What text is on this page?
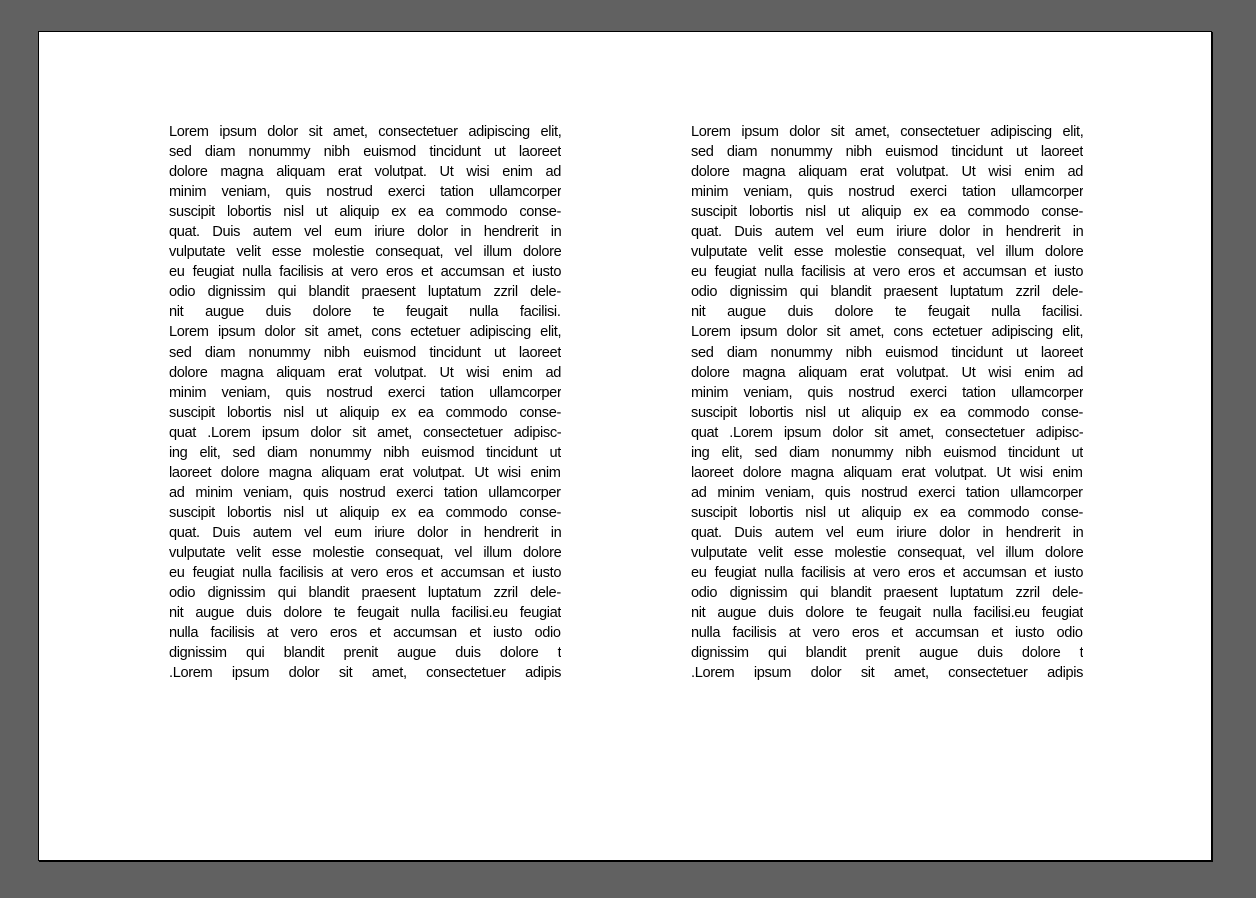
Lorem ipsum dolor sit amet, consectetuer adipiscing elit,
sed diam nonummy nibh euismod tincidunt ut laoreet
dolore magna aliquam erat volutpat. Ut wisi enim ad
minim veniam, quis nostrud exerci tation ullamcorper
suscipit lobortis nisl ut aliquip ex ea commodo conse-
quat. Duis autem vel eum iriure dolor in hendrerit in
vulputate velit esse molestie consequat, vel illum dolore
eu feugiat nulla facilisis at vero eros et accumsan et iusto
odio dignissim qui blandit praesent luptatum zzril dele-
nit augue duis dolore te feugait nulla facilisi.
Lorem ipsum dolor sit amet, cons ectetuer adipiscing elit,
sed diam nonummy nibh euismod tincidunt ut laoreet
dolore magna aliquam erat volutpat. Ut wisi enim ad
minim veniam, quis nostrud exerci tation ullamcorper
suscipit lobortis nisl ut aliquip ex ea commodo conse-
quat .Lorem ipsum dolor sit amet, consectetuer adipisc-
ing elit, sed diam nonummy nibh euismod tincidunt ut
laoreet dolore magna aliquam erat volutpat. Ut wisi enim
ad minim veniam, quis nostrud exerci tation ullamcorper
suscipit lobortis nisl ut aliquip ex ea commodo conse-
quat. Duis autem vel eum iriure dolor in hendrerit in
vulputate velit esse molestie consequat, vel illum dolore
eu feugiat nulla facilisis at vero eros et accumsan et iusto
odio dignissim qui blandit praesent luptatum zzril dele-
nit augue duis dolore te feugait nulla facilisi.eu feugiat
nulla facilisis at vero eros et accumsan et iusto odio
dignissim qui blandit prenit augue duis dolore t
.Lorem ipsum dolor sit amet, consectetuer adipis
Lorem ipsum dolor sit amet, consectetuer adipiscing elit,
sed diam nonummy nibh euismod tincidunt ut laoreet
dolore magna aliquam erat volutpat. Ut wisi enim ad
minim veniam, quis nostrud exerci tation ullamcorper
suscipit lobortis nisl ut aliquip ex ea commodo conse-
quat. Duis autem vel eum iriure dolor in hendrerit in
vulputate velit esse molestie consequat, vel illum dolore
eu feugiat nulla facilisis at vero eros et accumsan et iusto
odio dignissim qui blandit praesent luptatum zzril dele-
nit augue duis dolore te feugait nulla facilisi.
Lorem ipsum dolor sit amet, cons ectetuer adipiscing elit,
sed diam nonummy nibh euismod tincidunt ut laoreet
dolore magna aliquam erat volutpat. Ut wisi enim ad
minim veniam, quis nostrud exerci tation ullamcorper
suscipit lobortis nisl ut aliquip ex ea commodo conse-
quat .Lorem ipsum dolor sit amet, consectetuer adipisc-
ing elit, sed diam nonummy nibh euismod tincidunt ut
laoreet dolore magna aliquam erat volutpat. Ut wisi enim
ad minim veniam, quis nostrud exerci tation ullamcorper
suscipit lobortis nisl ut aliquip ex ea commodo conse-
quat. Duis autem vel eum iriure dolor in hendrerit in
vulputate velit esse molestie consequat, vel illum dolore
eu feugiat nulla facilisis at vero eros et accumsan et iusto
odio dignissim qui blandit praesent luptatum zzril dele-
nit augue duis dolore te feugait nulla facilisi.eu feugiat
nulla facilisis at vero eros et accumsan et iusto odio
dignissim qui blandit prenit augue duis dolore t
.Lorem ipsum dolor sit amet, consectetuer adipis
